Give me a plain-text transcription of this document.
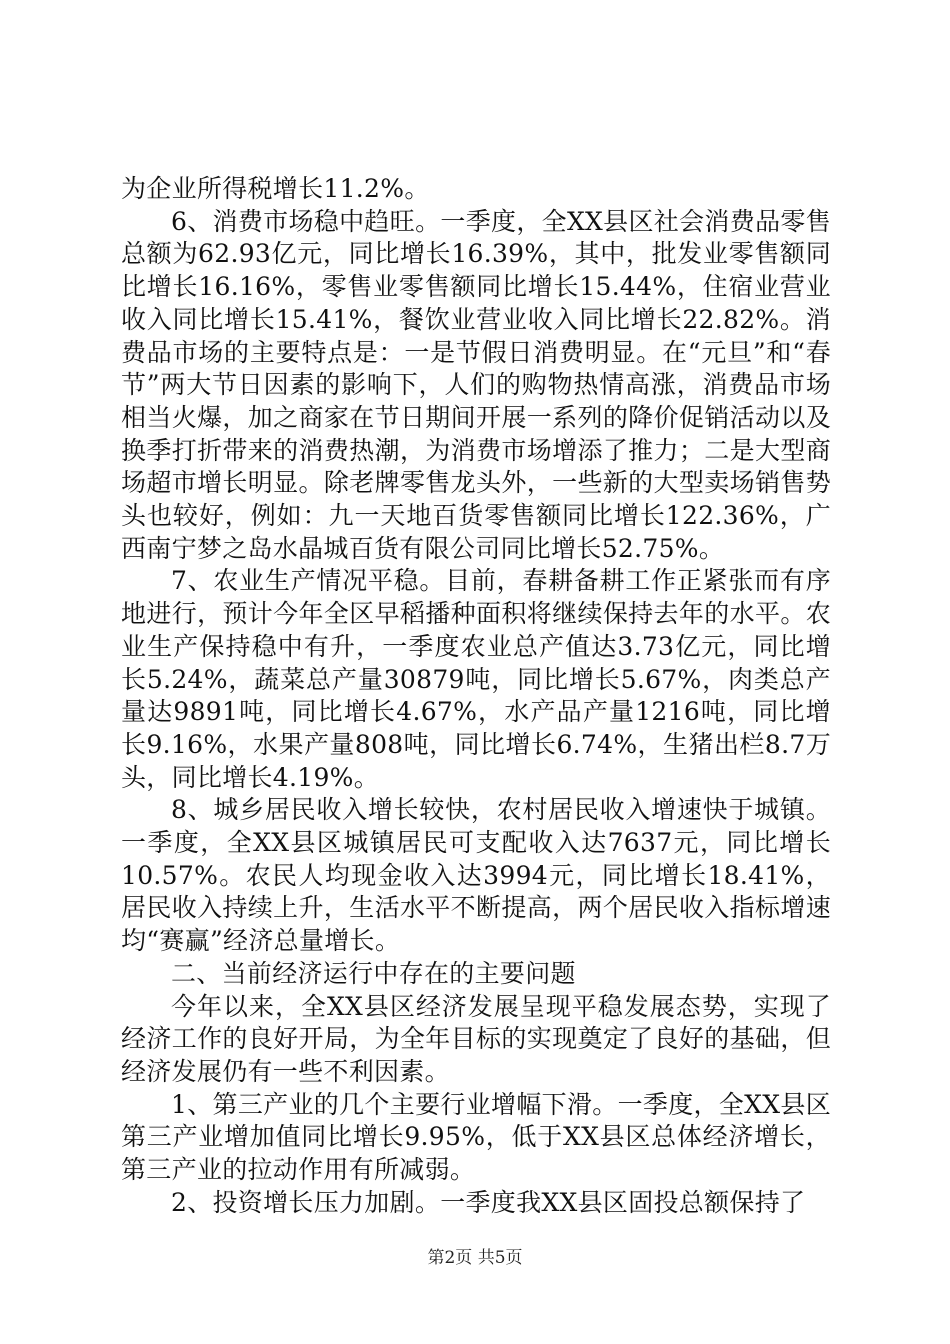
为企业所得税增长11.2%。

6、消费市场稳中趋旺。一季度，全XX县区社会消费品零售总额为62.93亿元，同比增长16.39%，其中，批发业零售额同比增长16.16%，零售业零售额同比增长15.44%，住宿业营业收入同比增长15.41%，餐饮业营业收入同比增长22.82%。消费品市场的主要特点是：一是节假日消费明显。在“元旦”和“春节”两大节日因素的影响下，人们的购物热情高涨，消费品市场相当火爆，加之商家在节日期间开展一系列的降价促销活动以及换季打折带来的消费热潮，为消费市场增添了推力；二是大型商场超市增长明显。除老牌零售龙头外，一些新的大型卖场销售势头也较好，例如：九一天地百货零售额同比增长122.36%，广西南宁梦之岛水晶城百货有限公司同比增长52.75%。

7、农业生产情况平稳。目前，春耕备耕工作正紧张而有序地进行，预计今年全区早稻播种面积将继续保持去年的水平。农业生产保持稳中有升，一季度农业总产值达3.73亿元，同比增长5.24%，蔬菜总产量30879吨，同比增长5.67%，肉类总产量达9891吨，同比增长4.67%，水产品产量1216吨，同比增长9.16%，水果产量808吨，同比增长6.74%，生猪出栏8.7万头，同比增长4.19%。

8、城乡居民收入增长较快，农村居民收入增速快于城镇。一季度，全XX县区城镇居民可支配收入达7637元，同比增长10.57%。农民人均现金收入达3994元，同比增长18.41%，居民收入持续上升，生活水平不断提高，两个居民收入指标增速均“赛赢”经济总量增长。

二、当前经济运行中存在的主要问题

今年以来，全XX县区经济发展呈现平稳发展态势，实现了经济工作的良好开局，为全年目标的实现奠定了良好的基础，但经济发展仍有一些不利因素。

1、第三产业的几个主要行业增幅下滑。一季度，全XX县区第三产业增加值同比增长9.95%，低于XX县区总体经济增长，第三产业的拉动作用有所减弱。

2、投资增长压力加剧。一季度我XX县区固投总额保持了

第2页 共5页
